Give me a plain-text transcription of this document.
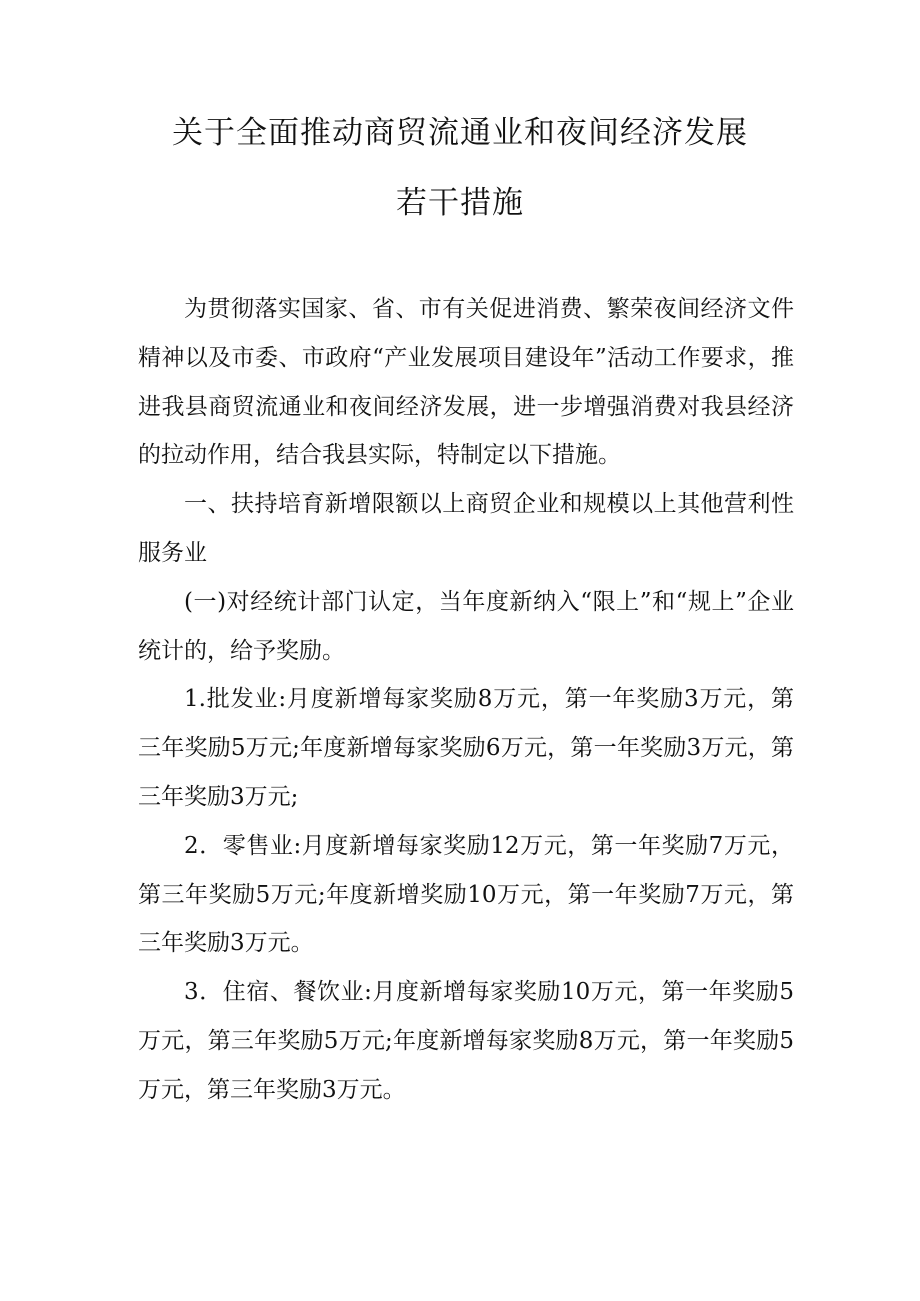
关于全面推动商贸流通业和夜间经济发展
若干措施

为贯彻落实国家、省、市有关促进消费、繁荣夜间经济文件精神以及市委、市政府“产业发展项目建设年”活动工作要求，推进我县商贸流通业和夜间经济发展，进一步增强消费对我县经济的拉动作用，结合我县实际，特制定以下措施。

一、扶持培育新增限额以上商贸企业和规模以上其他营利性服务业

(一)对经统计部门认定，当年度新纳入“限上”和“规上”企业统计的，给予奖励。

1.批发业:月度新增每家奖励8万元，第一年奖励3万元，第三年奖励5万元;年度新增每家奖励6万元，第一年奖励3万元，第三年奖励3万元;

2．零售业:月度新增每家奖励12万元，第一年奖励7万元，第三年奖励5万元;年度新增奖励10万元，第一年奖励7万元，第三年奖励3万元。

3．住宿、餐饮业:月度新增每家奖励10万元，第一年奖励5万元，第三年奖励5万元;年度新增每家奖励8万元，第一年奖励5万元，第三年奖励3万元。
